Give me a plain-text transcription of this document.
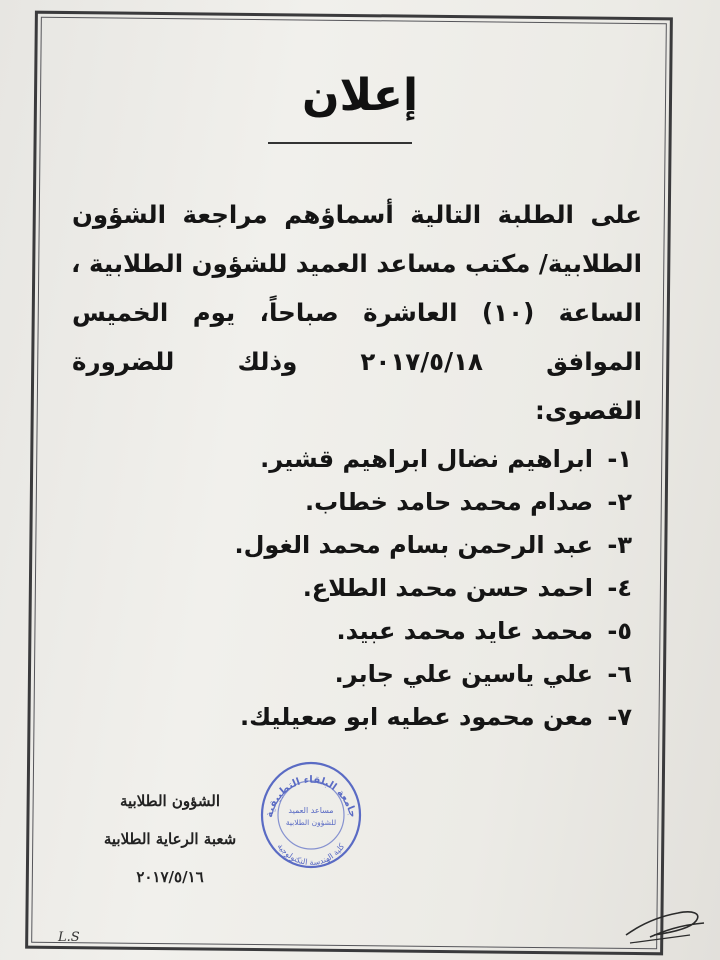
إعلان
على الطلبة التالية أسماؤهم مراجعة الشؤون
الطلابية/ مكتب مساعد العميد للشؤون الطلابية ،
الساعة (١٠) العاشرة صباحاً، يوم الخميس
الموافق ٢٠١٧/٥/١٨ وذلك للضرورة
القصوى:
١- ابراهيم نضال ابراهيم قشير.
٢- صدام محمد حامد خطاب.
٣- عبد الرحمن بسام محمد الغول.
٤- احمد حسن محمد الطلاع.
٥- محمد عايد محمد عبيد.
٦- علي ياسين علي جابر.
٧- معن محمود عطيه ابو صعيليك.
الشؤون الطلابية
شعبة الرعاية الطلابية
٢٠١٧/٥/١٦
جامعة البلقاء التطبيقية
كلية الهندسة التكنولوجية
مساعد العميد
للشؤون الطلابية
L.S
